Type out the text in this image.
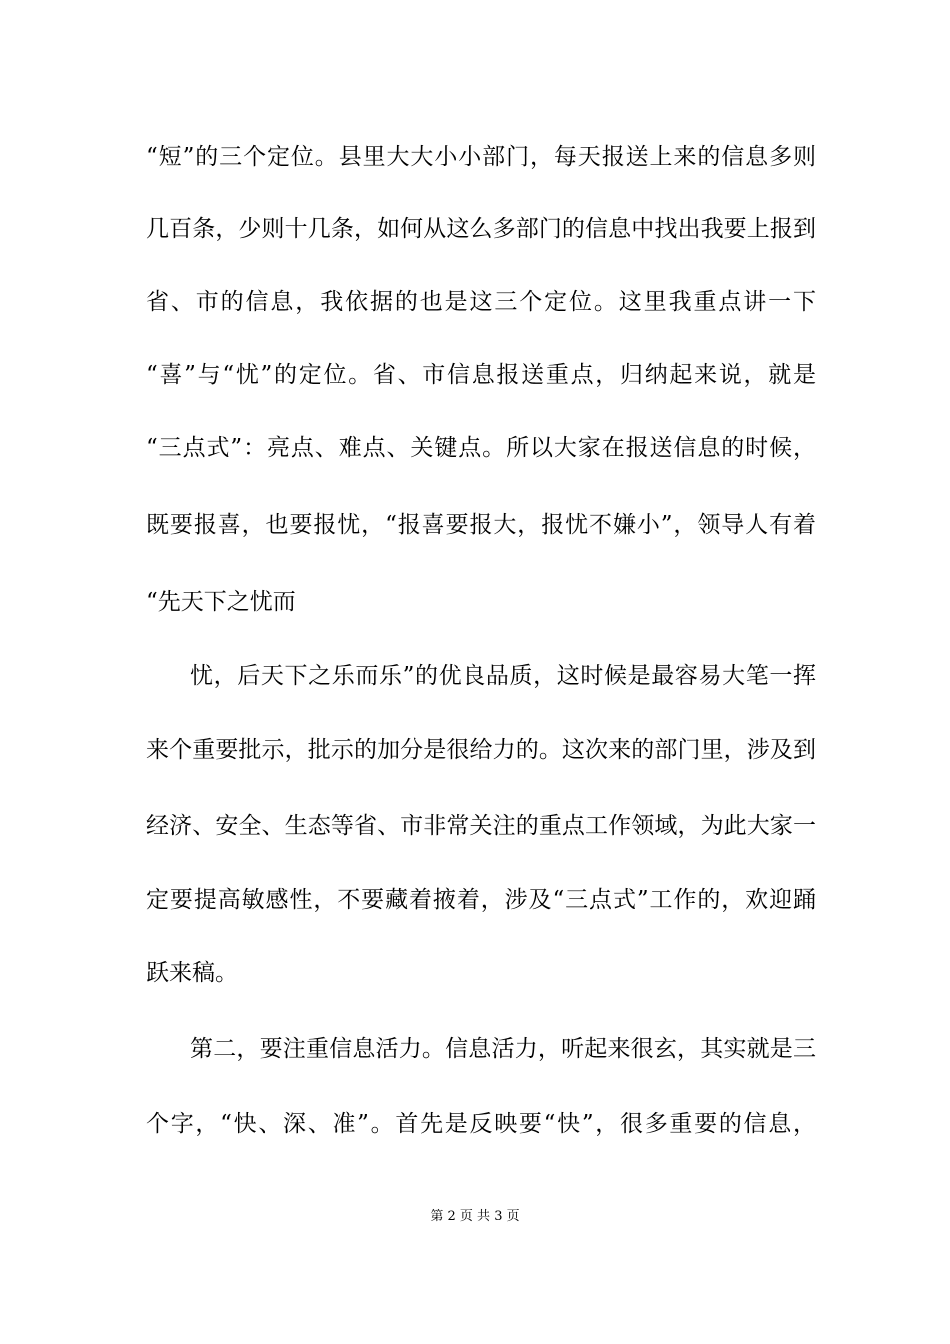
“短”的三个定位。县里大大小小部门，每天报送上来的信息多则
几百条，少则十几条，如何从这么多部门的信息中找出我要上报到
省、市的信息，我依据的也是这三个定位。这里我重点讲一下
“喜”与“忧”的定位。省、市信息报送重点，归纳起来说，就是
“三点式”：亮点、难点、关键点。所以大家在报送信息的时候，
既要报喜，也要报忧，“报喜要报大，报忧不嫌小”，领导人有着
“先天下之忧而
忧，后天下之乐而乐”的优良品质，这时候是最容易大笔一挥
来个重要批示，批示的加分是很给力的。这次来的部门里，涉及到
经济、安全、生态等省、市非常关注的重点工作领域，为此大家一
定要提高敏感性，不要藏着掖着，涉及“三点式”工作的，欢迎踊
跃来稿。
第二，要注重信息活力。信息活力，听起来很玄，其实就是三
个字，“快、深、准”。首先是反映要“快”，很多重要的信息，
第 2 页 共 3 页
